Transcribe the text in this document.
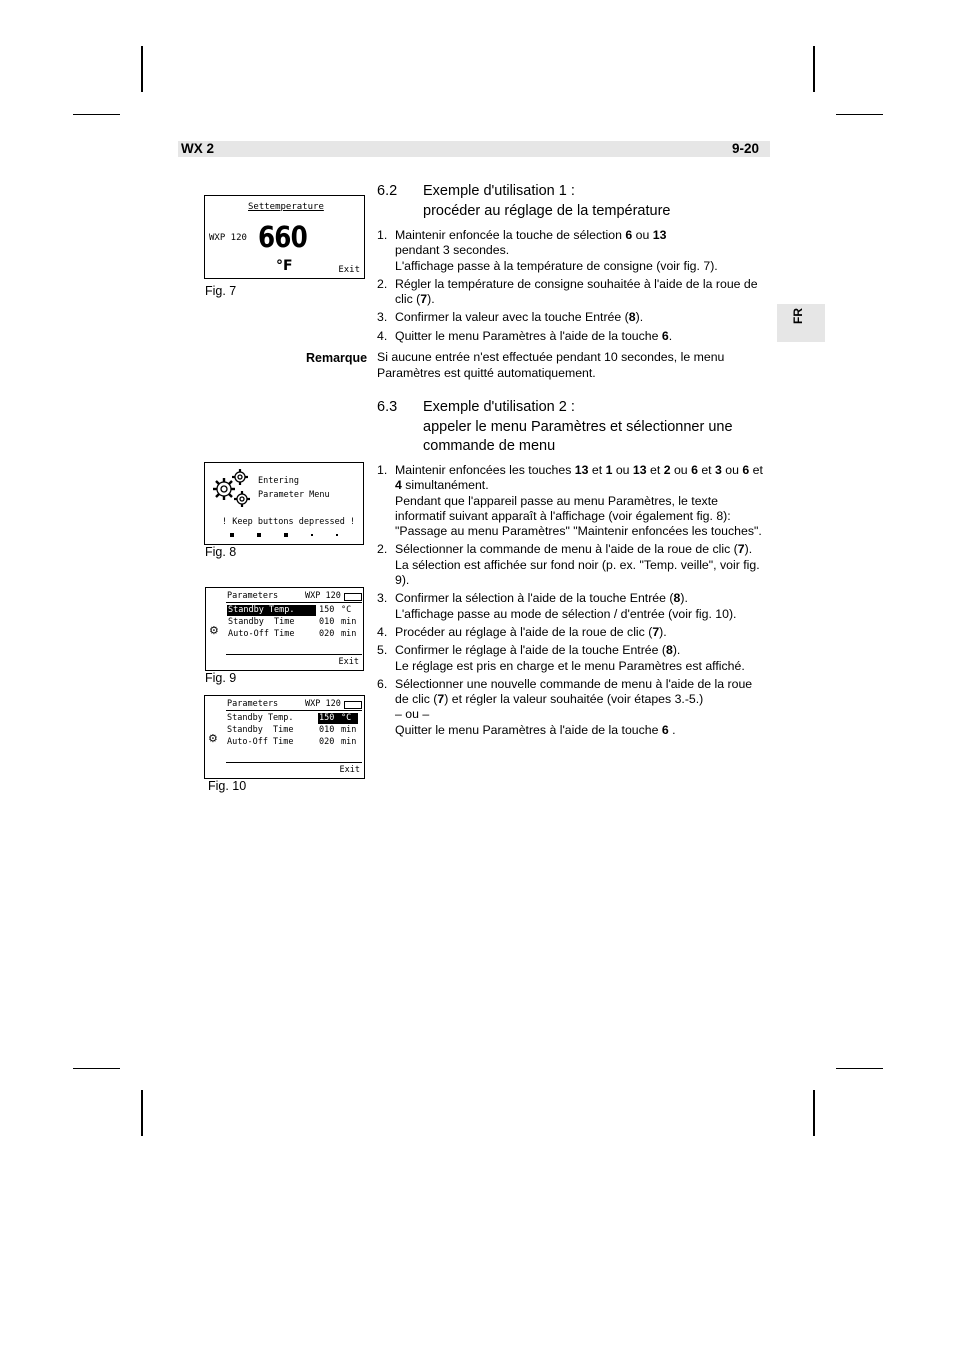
WX 2	9-20
FR
Settemperature
WXP 120 660
°F	Exit
Fig. 7
Entering
Parameter Menu
! Keep buttons depressed !
Fig. 8
Parameters	WXP 120
Standby Temp.	150 °C
Standby  Time	010 min
Auto-Off Time	020 min
⚙
Exit
Fig. 9
Parameters	WXP 120
Standby Temp.	150 °C
Standby  Time	010 min
Auto-Off Time	020 min
⚙
Exit
Fig. 10
6.2 Exemple d'utilisation 1 :
procéder au réglage de la température
1. Maintenir enfoncée la touche de sélection 6 ou 13
pendant 3 secondes.
L'affichage passe à la température de consigne (voir fig. 7).
2. Régler la température de consigne souhaitée à l'aide de la roue de clic (7).
3. Confirmer la valeur avec la touche Entrée (8).
4. Quitter le menu Paramètres à l'aide de la touche 6.
Remarque Si aucune entrée n'est effectuée pendant 10 secondes, le menu Paramètres est quitté automatiquement.
6.3 Exemple d'utilisation 2 :
appeler le menu Paramètres et sélectionner une commande de menu
1. Maintenir enfoncées les touches 13 et 1 ou 13 et 2 ou 6 et 3 ou 6 et 4 simultanément.
Pendant que l'appareil passe au menu Paramètres, le texte informatif suivant apparaît à l'affichage (voir également fig. 8): "Passage au menu Paramètres" "Maintenir enfoncées les touches".
2. Sélectionner la commande de menu à l'aide de la roue de clic (7).
La sélection est affichée sur fond noir (p. ex. "Temp. veille", voir fig. 9).
3. Confirmer la sélection à l'aide de la touche Entrée (8).
L'affichage passe au mode de sélection / d'entrée (voir fig. 10).
4. Procéder au réglage à l'aide de la roue de clic (7).
5. Confirmer le réglage à l'aide de la touche Entrée (8).
Le réglage est pris en charge et le menu Paramètres est affiché.
6. Sélectionner une nouvelle commande de menu à l'aide de la roue de clic (7) et régler la valeur souhaitée (voir étapes 3.-5.)
– ou –
Quitter le menu Paramètres à l'aide de la touche 6 .
